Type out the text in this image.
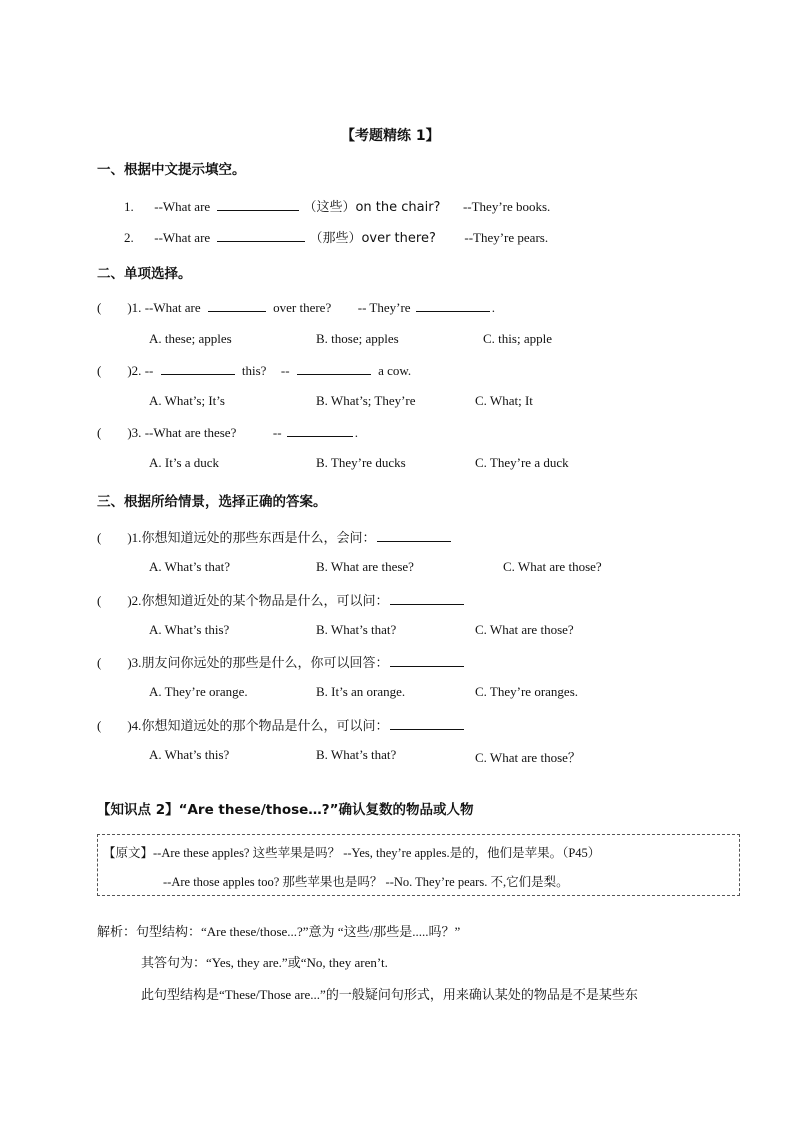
【考题精练 1】
一、根据中文提示填空。
1. --What are	（这些）on the chair? --They’re books.
2. --What are	（那些）over there? --They’re pears.
二、单项选择。
( )1. --What are	over there? -- They’re	.
A. these; apples	B. those; apples	C. this; apple
( )2. --	this? --	a cow.
A. What’s; It’s	B. What’s; They’re	C. What; It
( )3. --What are these?	--	.
A. It’s a duck	B. They’re ducks	C. They’re a duck
三、根据所给情景，选择正确的答案。
( )1.你想知道远处的那些东西是什么，会问：
A. What’s that?	B. What are these?	C. What are those?
( )2.你想知道近处的某个物品是什么，可以问：
A. What’s this?	B. What’s that?	C. What are those?
( )3.朋友问你远处的那些是什么，你可以回答：
A. They’re orange.	B. It’s an orange.	C. They’re oranges.
( )4.你想知道远处的那个物品是什么，可以问：
A. What’s this?	B. What’s that?	C. What are those？
【知识点 2】“Are these/those…?”确认复数的物品或人物
【原文】--Are these apples? 这些苹果是吗？ --Yes, they’re apples.是的，他们是苹果。（P45）
--Are those apples too? 那些苹果也是吗？ --No. They’re pears. 不,它们是梨。
解析：句型结构：“Are these/those...?”意为 “这些/那些是.....吗？”
其答句为：“Yes, they are.”或“No, they aren’t.
此句型结构是“These/Those are...”的一般疑问句形式，用来确认某处的物品是不是某些东
